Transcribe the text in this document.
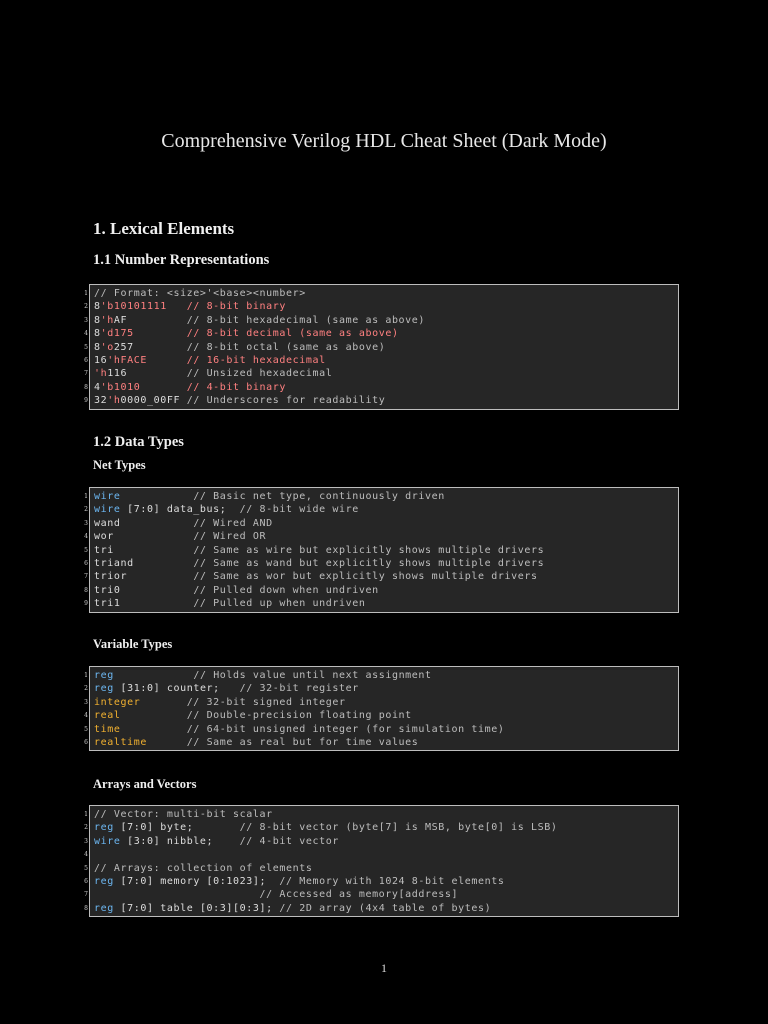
Comprehensive Verilog HDL Cheat Sheet (Dark Mode)
1. Lexical Elements
1.1 Number Representations
1 // Format: <size>'<base><number>
2 8'b10101111   // 8-bit binary
3 8'hAF         // 8-bit hexadecimal (same as above)
4 8'd175        // 8-bit decimal (same as above)
5 8'o257        // 8-bit octal (same as above)
6 16'hFACE      // 16-bit hexadecimal
7 'h116         // Unsized hexadecimal
8 4'b1010       // 4-bit binary
9 32'h0000_00FF // Underscores for readability
1.2 Data Types
Net Types
1 wire	// Basic net type, continuously driven
2 wire [7:0] data_bus;  // 8-bit wide wire
3 wand	// Wired AND
4 wor	// Wired OR
5 tri	// Same as wire but explicitly shows multiple drivers
6 triand	// Same as wand but explicitly shows multiple drivers
7 trior	// Same as wor but explicitly shows multiple drivers
8 tri0	// Pulled down when undriven
9 tri1	// Pulled up when undriven
Variable Types
1 reg	// Holds value until next assignment
2 reg [31:0] counter;   // 32-bit register
3 integer	// 32-bit signed integer
4 real	// Double-precision floating point
5 time	// 64-bit unsigned integer (for simulation time)
6 realtime	// Same as real but for time values
Arrays and Vectors
1 // Vector: multi-bit scalar
2 reg [7:0] byte;       // 8-bit vector (byte[7] is MSB, byte[0] is LSB)
3 wire [3:0] nibble;    // 4-bit vector
4
5 // Arrays: collection of elements
6 reg [7:0] memory [0:1023];  // Memory with 1024 8-bit elements
7	// Accessed as memory[address]
8 reg [7:0] table [0:3][0:3]; // 2D array (4x4 table of bytes)
1
